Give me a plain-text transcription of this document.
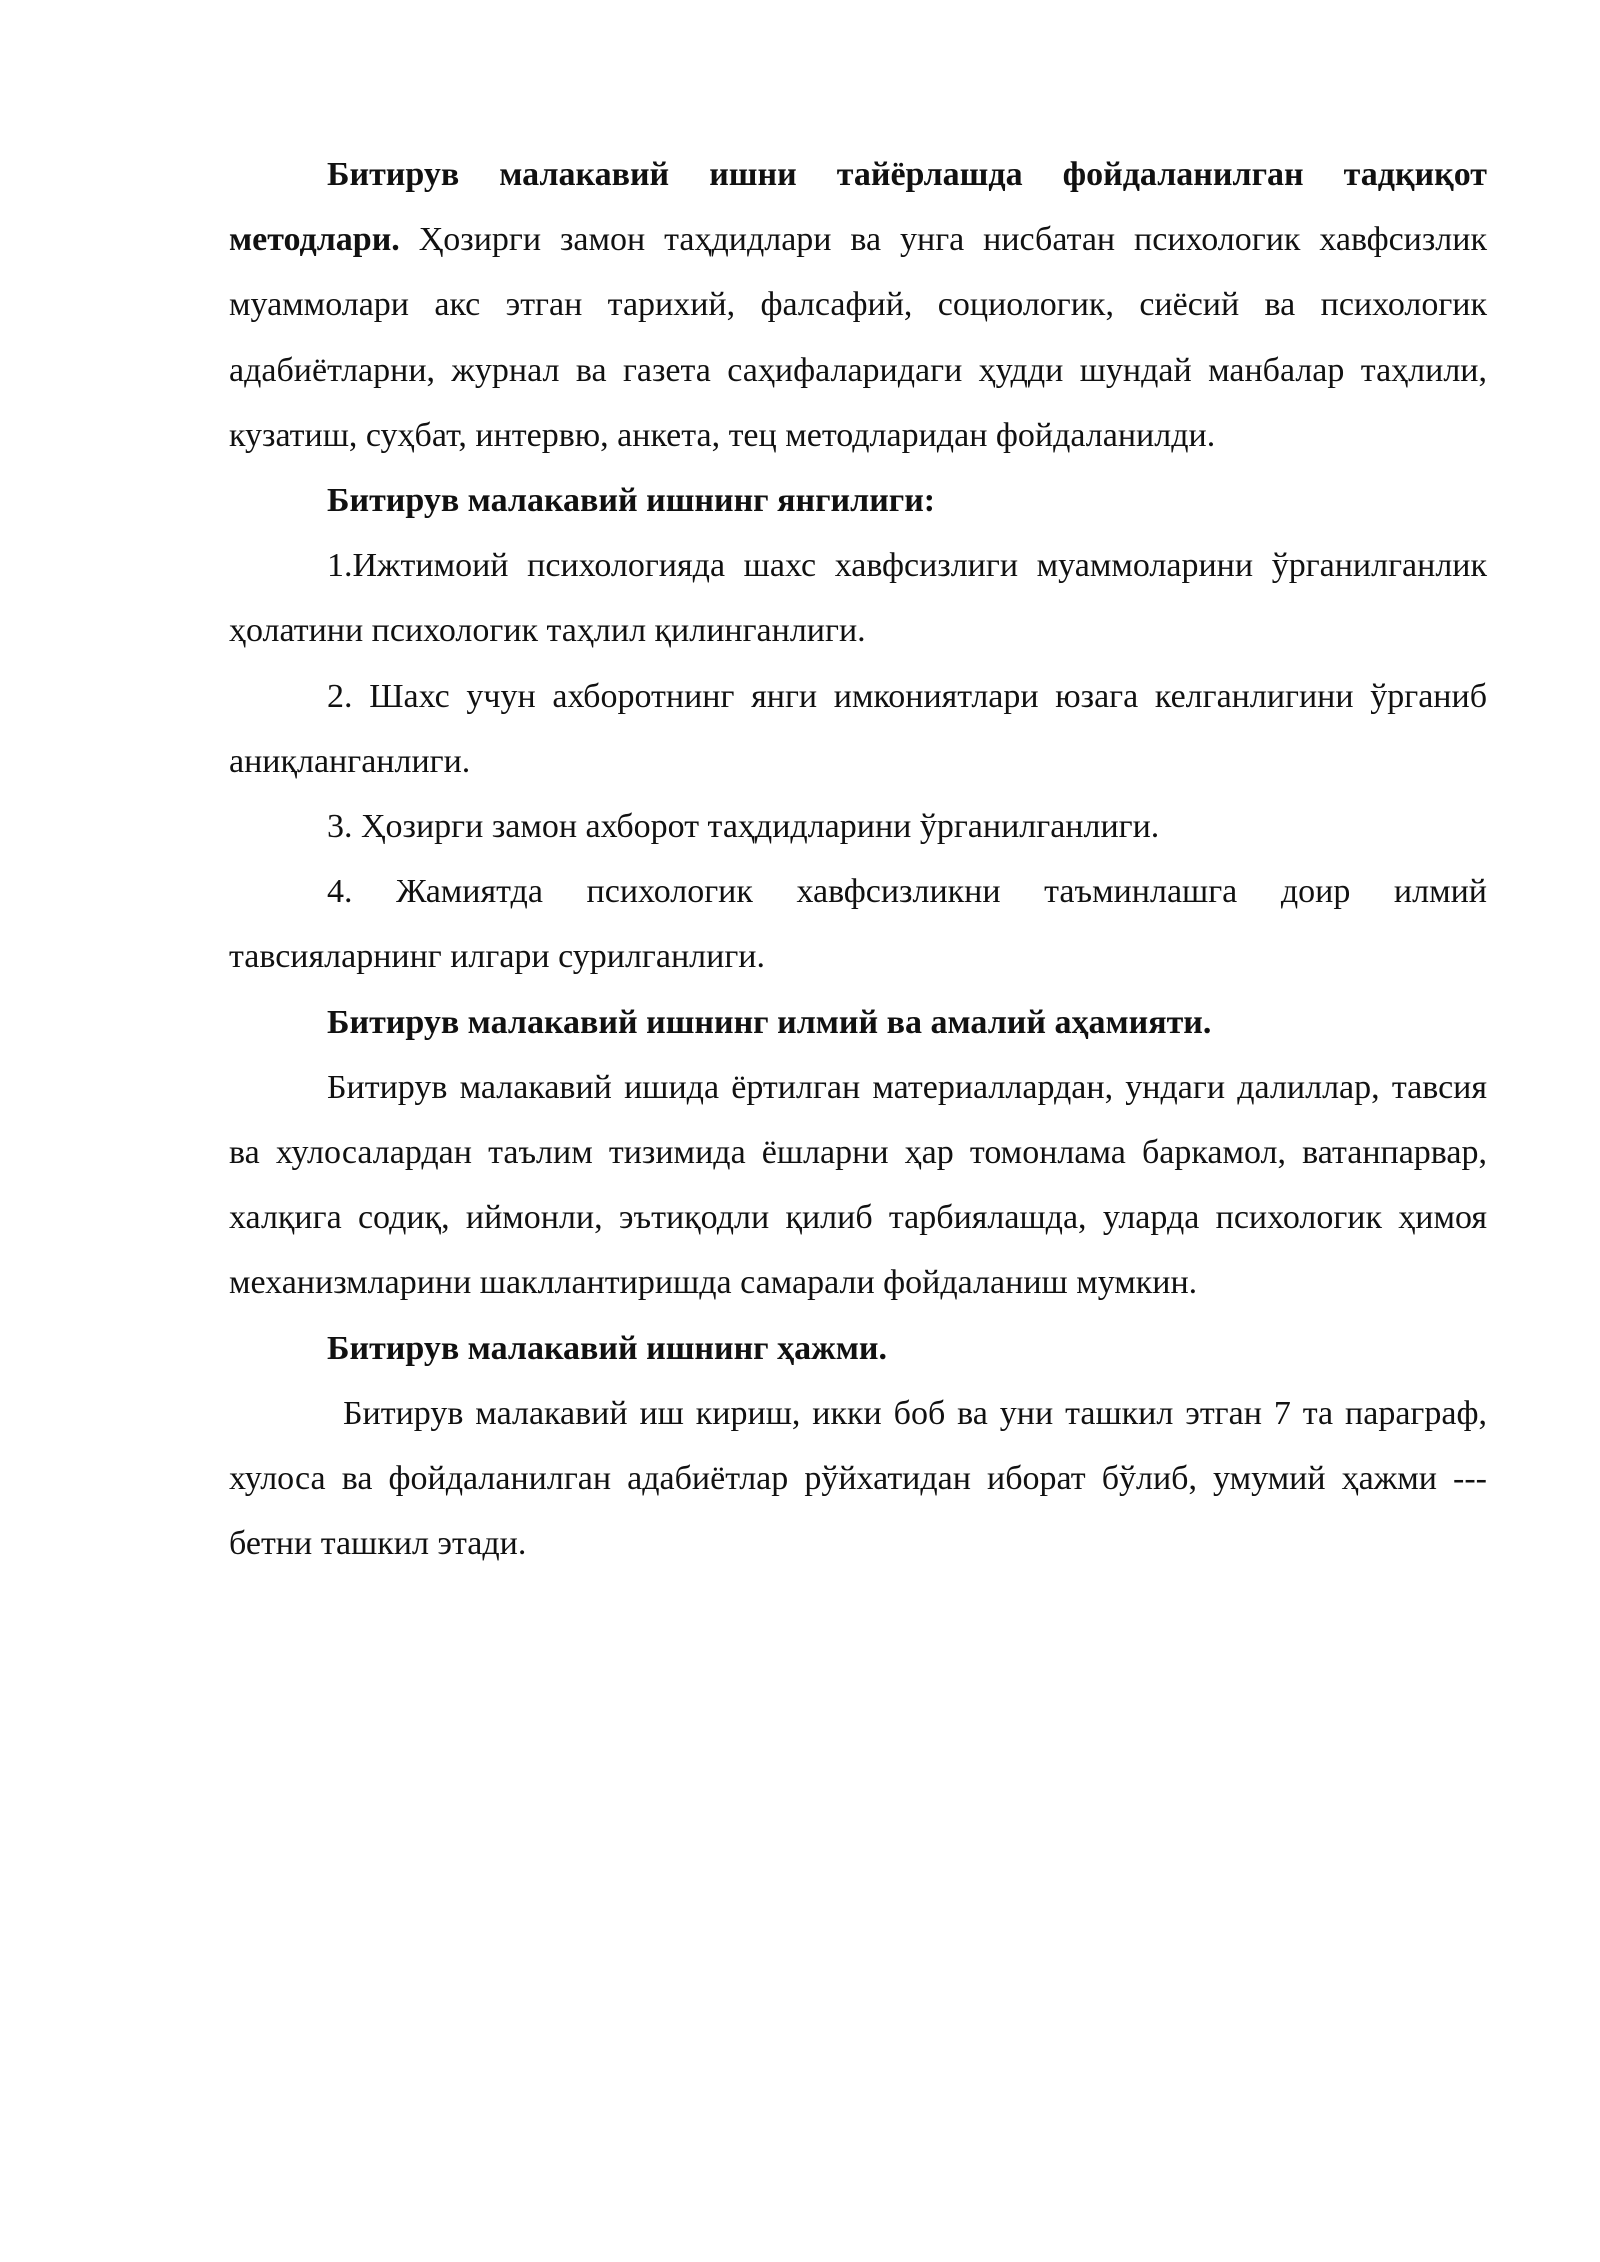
Битирув малакавий ишни тайёрлашда фойдаланилган тадқиқот методлари. Ҳозирги замон таҳдидлари ва унга нисбатан психологик хавфсизлик муаммолари акс этган тарихий, фалсафий, социологик, сиёсий ва психологик адабиётларни, журнал ва газета саҳифаларидаги ҳудди шундай манбалар таҳлили, кузатиш, суҳбат, интервю, анкета, тец методларидан фойдаланилди.

Битирув малакавий ишнинг янгилиги:

1.Ижтимоий психологияда шахс хавфсизлиги муаммоларини ўрганилганлик ҳолатини психологик таҳлил қилинганлиги.

2. Шахс учун ахборотнинг янги имкониятлари юзага келганлигини ўрганиб аниқланганлиги.

3. Ҳозирги замон ахборот таҳдидларини ўрганилганлиги.

4. Жамиятда психологик хавфсизликни таъминлашга доир илмий тавсияларнинг илгари сурилганлиги.

Битирув малакавий ишнинг илмий ва амалий аҳамияти.

Битирув малакавий ишида ёртилган материаллардан, ундаги далиллар, тавсия ва хулосалардан таълим тизимида ёшларни ҳар томонлама баркамол, ватанпарвар, халқига содиқ, иймонли, эътиқодли қилиб тарбиялашда, уларда психологик ҳимоя механизмларини шакллантиришда самарали фойдаланиш мумкин.

Битирув малакавий ишнинг ҳажми.

Битирув малакавий иш кириш, икки боб ва уни ташкил этган 7 та параграф, хулоса ва фойдаланилган адабиётлар рўйхатидан иборат бўлиб, умумий ҳажми --- бетни ташкил этади.
